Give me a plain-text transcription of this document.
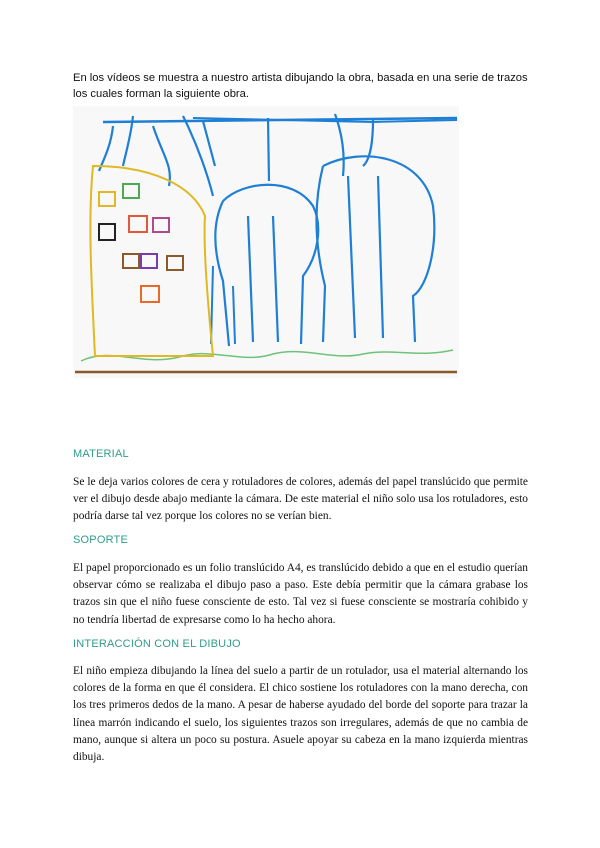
En los vídeos se muestra a nuestro artista dibujando la obra, basada en una serie de trazos los cuales forman la siguiente obra.
MATERIAL
Se le deja varios colores de cera y rotuladores de colores, además del papel translúcido que permite ver el dibujo desde abajo mediante la cámara. De este material el niño solo usa los rotuladores, esto podría darse tal vez porque los colores no se verían bien.
SOPORTE
El papel proporcionado es un folio translúcido A4, es translúcido debido a que en el estudio querían observar cómo se realizaba el dibujo paso a paso. Este debía permitir que la cámara grabase los trazos sin que el niño fuese consciente de esto. Tal vez si fuese consciente se mostraría cohibido y no tendría libertad de expresarse como lo ha hecho ahora.
INTERACCIÓN CON EL DIBUJO
El niño empieza dibujando la línea del suelo a partir de un rotulador, usa el material alternando los colores de la forma en que él considera. El chico sostiene los rotuladores con la mano derecha, con los tres primeros dedos de la mano. A pesar de haberse ayudado del borde del soporte para trazar la línea marrón indicando el suelo, los siguientes trazos son irregulares, además de que no cambia de mano, aunque si altera un poco su postura. Asuele apoyar su cabeza en la mano izquierda mientras dibuja.
